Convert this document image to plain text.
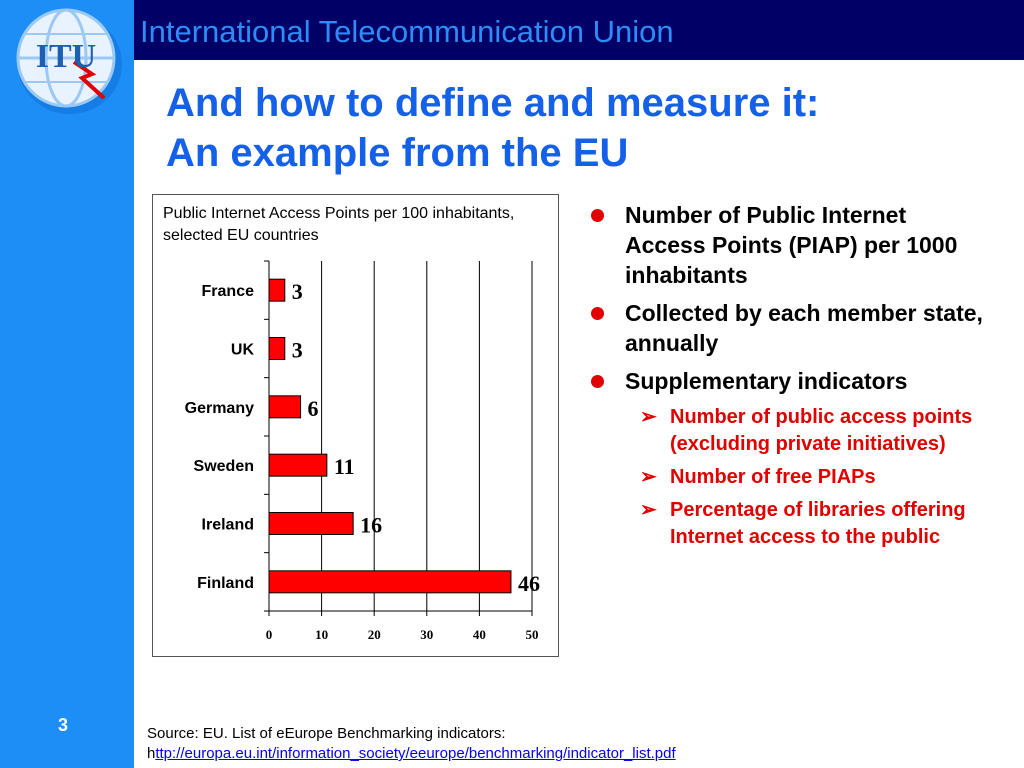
ITU
International Telecommunication Union
And how to define and measure it:
An example from the EU
Public Internet Access Points per 100 inhabitants, selected EU countries
0	10	20	30	40	50
France 3
UK 3
Germany 6
Sweden	11
Ireland	16
Finland	46
Number of Public Internet Access Points (PIAP) per 1000 inhabitants
Collected by each member state, annually
Supplementary indicators
➢ Number of public access points (excluding private initiatives)
➢ Number of free PIAPs
➢ Percentage of libraries offering Internet access to the public
3	Source: EU. List of eEurope Benchmarking indicators:
http://europa.eu.int/information_society/eeurope/benchmarking/indicator_list.pdf
